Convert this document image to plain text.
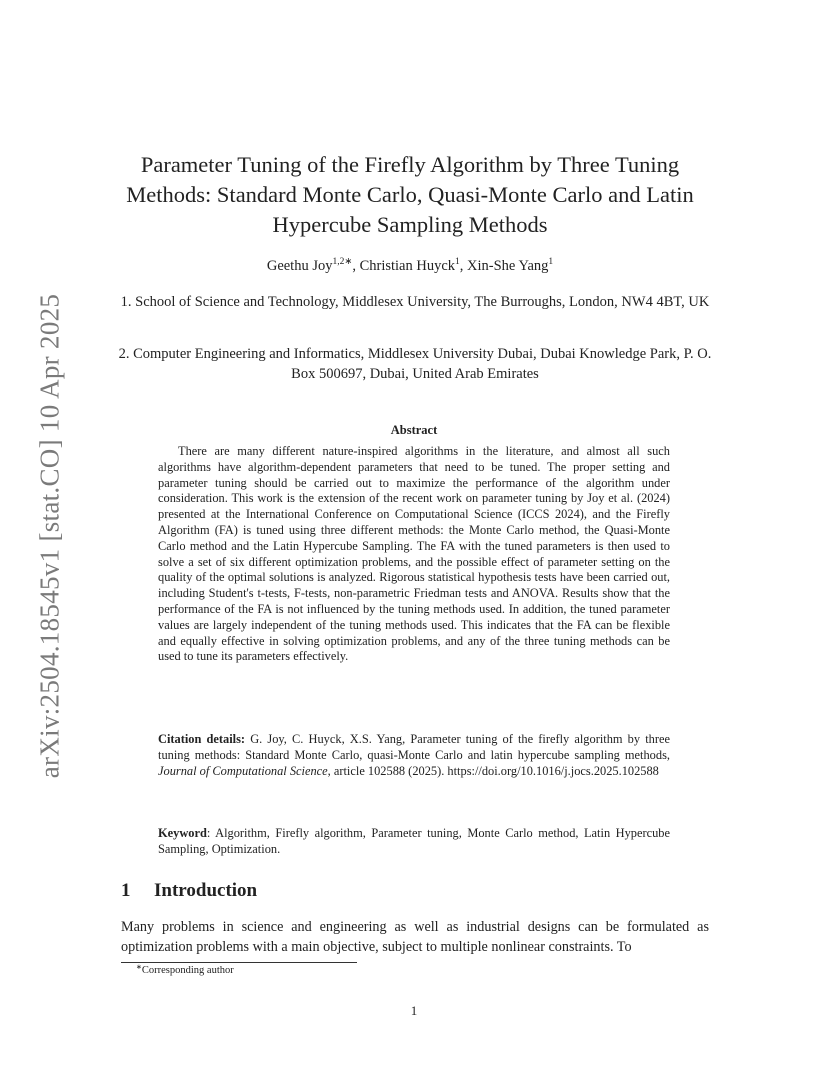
arXiv:2504.18545v1 [stat.CO] 10 Apr 2025
Parameter Tuning of the Firefly Algorithm by Three Tuning Methods: Standard Monte Carlo, Quasi-Monte Carlo and Latin Hypercube Sampling Methods
Geethu Joy$^{1,2∗}$, Christian Huyck$^1$, Xin-She Yang$^1$
1. School of Science and Technology, Middlesex University, The Burroughs, London, NW4 4BT, UK
2. Computer Engineering and Informatics, Middlesex University Dubai, Dubai Knowledge Park, P. O. Box 500697, Dubai, United Arab Emirates
Abstract
There are many different nature-inspired algorithms in the literature, and almost all such algorithms have algorithm-dependent parameters that need to be tuned. The proper setting and parameter tuning should be carried out to maximize the performance of the algorithm under consideration. This work is the extension of the recent work on parameter tuning by Joy et al. (2024) presented at the International Conference on Computational Science (ICCS 2024), and the Firefly Algorithm (FA) is tuned using three different methods: the Monte Carlo method, the Quasi-Monte Carlo method and the Latin Hypercube Sampling. The FA with the tuned parameters is then used to solve a set of six different optimization problems, and the possible effect of parameter setting on the quality of the optimal solutions is analyzed. Rigorous statistical hypothesis tests have been carried out, including Student's t-tests, F-tests, non-parametric Friedman tests and ANOVA. Results show that the performance of the FA is not influenced by the tuning methods used. In addition, the tuned parameter values are largely independent of the tuning methods used. This indicates that the FA can be flexible and equally effective in solving optimization problems, and any of the three tuning methods can be used to tune its parameters effectively.
Citation details: G. Joy, C. Huyck, X.S. Yang, Parameter tuning of the firefly algorithm by three tuning methods: Standard Monte Carlo, quasi-Monte Carlo and latin hypercube sampling methods, Journal of Computational Science, article 102588 (2025). https://doi.org/10.1016/j.jocs.2025.102588
Keyword: Algorithm, Firefly algorithm, Parameter tuning, Monte Carlo method, Latin Hypercube Sampling, Optimization.
1 Introduction
Many problems in science and engineering as well as industrial designs can be formulated as optimization problems with a main objective, subject to multiple nonlinear constraints. To
∗Corresponding author
1
